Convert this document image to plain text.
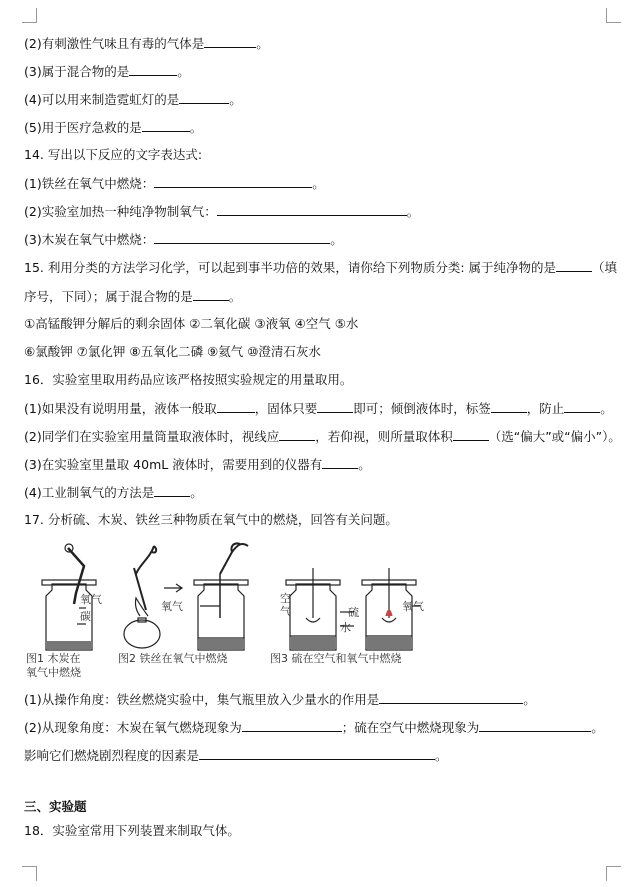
(2)有刺激性气味且有毒的气体是	。
(3)属于混合物的是	。
(4)可以用来制造霓虹灯的是	。
(5)用于医疗急救的是	。
14. 写出以下反应的文字表达式:
(1)铁丝在氧气中燃烧：	。
(2)实验室加热一种纯净物制氧气：	。
(3)木炭在氧气中燃烧：	。
15. 利用分类的方法学习化学，可以起到事半功倍的效果，请你给下列物质分类: 属于纯净物的是	（填
序号，下同）；属于混合物的是	。
①高锰酸钾分解后的剩余固体 ②二氧化碳 ③液氧 ④空气 ⑤水
⑥氯酸钾 ⑦氯化钾 ⑧五氧化二磷 ⑨氦气 ⑩澄清石灰水
16．实验室里取用药品应该严格按照实验规定的用量取用。
(1)如果没有说明用量，液体一般取	，固体只要	即可；倾倒液体时，标签	，防止	。
(2)同学们在实验室用量筒量取液体时，视线应	，若仰视，则所量取体积	（选“偏大”或“偏小”）。
(3)在实验室里量取 40mL 液体时，需要用到的仪器有	。
(4)工业制氧气的方法是	。
17. 分析硫、木炭、铁丝三种物质在氧气中的燃烧，回答有关问题。
氧气
碳
氧气
空
气	硫
水
氧气
图1 木炭在
氧气中燃烧
图2 铁丝在氧气中燃烧	图3 硫在空气和氧气中燃烧
(1)从操作角度：铁丝燃烧实验中，集气瓶里放入少量水的作用是	。
(2)从现象角度：木炭在氧气燃烧现象为	；硫在空气中燃烧现象为	。
影响它们燃烧剧烈程度的因素是	。
三、实验题
18．实验室常用下列装置来制取气体。
